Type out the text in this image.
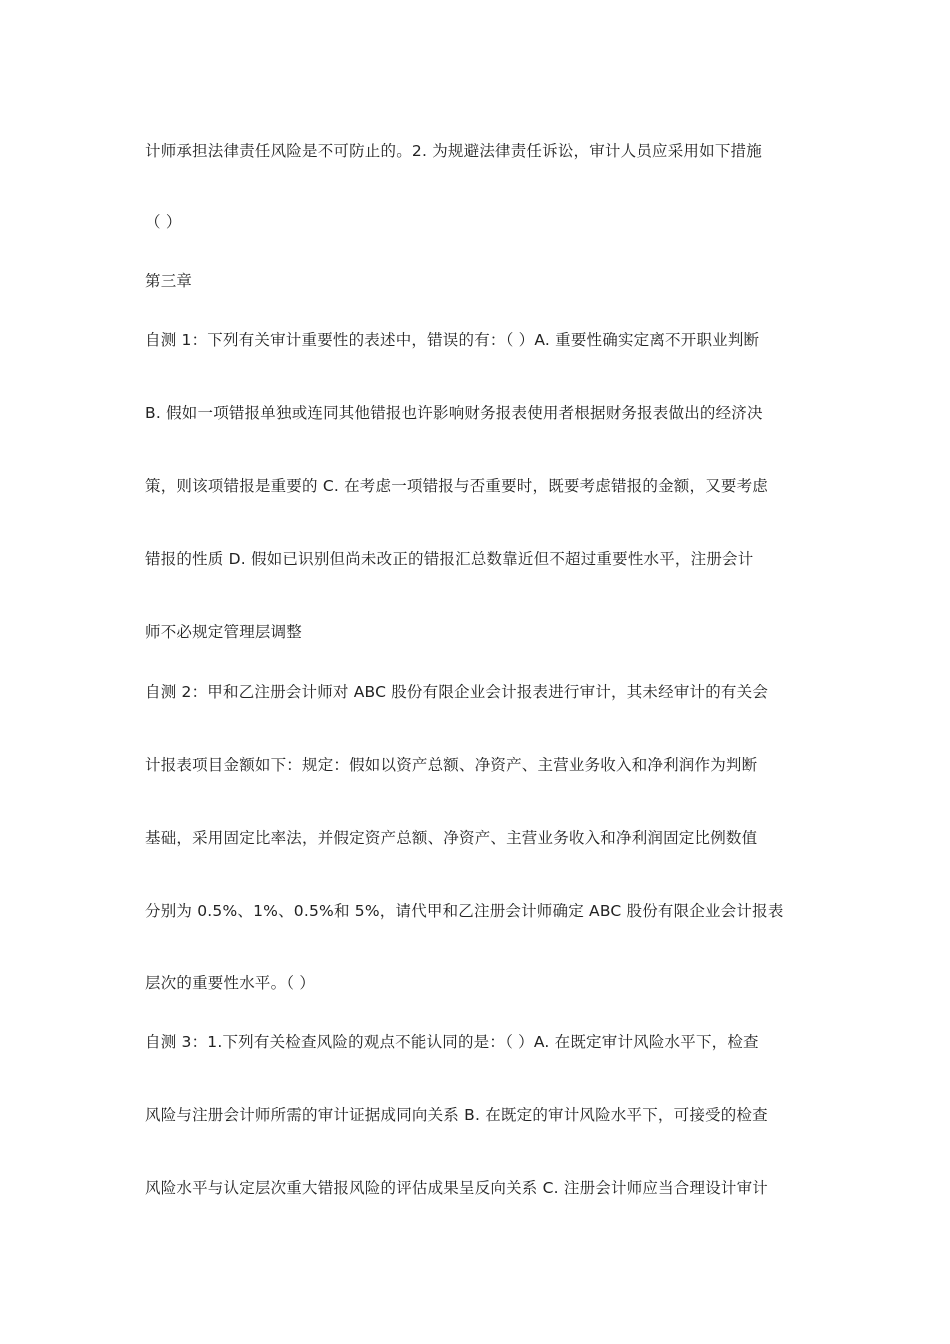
计师承担法律责任风险是不可防止的。2. 为规避法律责任诉讼，审计人员应采用如下措施
（ ）
第三章
自测 1：下列有关审计重要性的表述中，错误的有：（ ）A. 重要性确实定离不开职业判断
B. 假如一项错报单独或连同其他错报也许影响财务报表使用者根据财务报表做出的经济决
策，则该项错报是重要的 C. 在考虑一项错报与否重要时，既要考虑错报的金额，又要考虑
错报的性质 D. 假如已识别但尚未改正的错报汇总数靠近但不超过重要性水平，注册会计
师不必规定管理层调整
自测 2：甲和乙注册会计师对 ABC 股份有限企业会计报表进行审计，其未经审计的有关会
计报表项目金额如下：规定：假如以资产总额、净资产、主营业务收入和净利润作为判断
基础，采用固定比率法，并假定资产总额、净资产、主营业务收入和净利润固定比例数值
分别为 0.5%、1%、0.5%和 5%，请代甲和乙注册会计师确定 ABC 股份有限企业会计报表
层次的重要性水平。（ ）
自测 3：1.下列有关检查风险的观点不能认同的是：（ ）A. 在既定审计风险水平下，检查
风险与注册会计师所需的审计证据成同向关系 B. 在既定的审计风险水平下，可接受的检查
风险水平与认定层次重大错报风险的评估成果呈反向关系 C. 注册会计师应当合理设计审计
